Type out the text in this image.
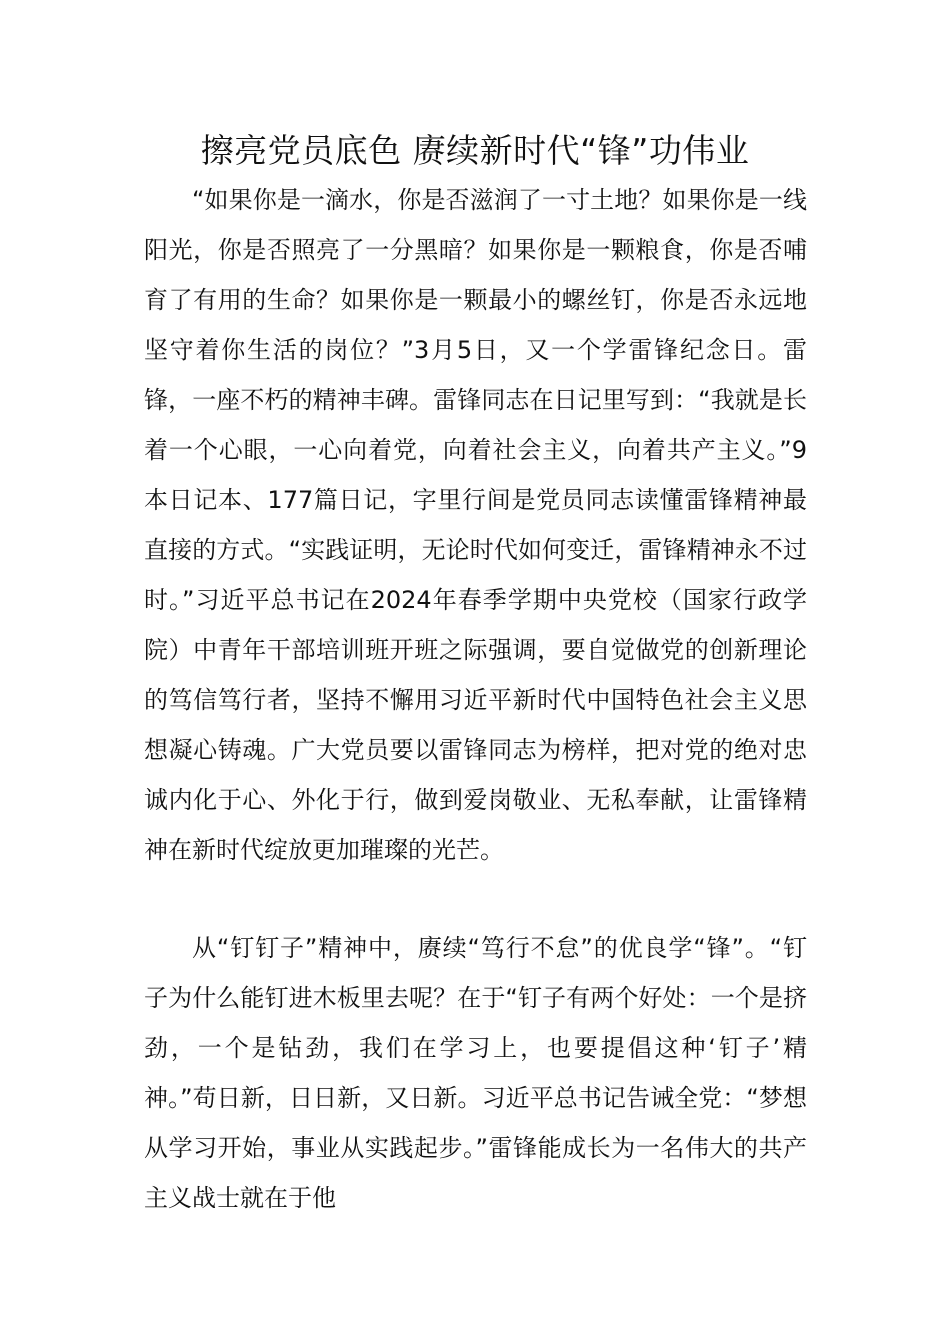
擦亮党员底色 赓续新时代“锋”功伟业

“如果你是一滴水，你是否滋润了一寸土地？如果你是一线阳光，你是否照亮了一分黑暗？如果你是一颗粮食，你是否哺育了有用的生命？如果你是一颗最小的螺丝钉，你是否永远地坚守着你生活的岗位？”3月5日，又一个学雷锋纪念日。雷锋，一座不朽的精神丰碑。雷锋同志在日记里写到：“我就是长着一个心眼，一心向着党，向着社会主义，向着共产主义。”9本日记本、177篇日记，字里行间是党员同志读懂雷锋精神最直接的方式。“实践证明，无论时代如何变迁，雷锋精神永不过时。”习近平总书记在2024年春季学期中央党校（国家行政学院）中青年干部培训班开班之际强调，要自觉做党的创新理论的笃信笃行者，坚持不懈用习近平新时代中国特色社会主义思想凝心铸魂。广大党员要以雷锋同志为榜样，把对党的绝对忠诚内化于心、外化于行，做到爱岗敬业、无私奉献，让雷锋精神在新时代绽放更加璀璨的光芒。

从“钉钉子”精神中，赓续“笃行不怠”的优良学“锋”。“钉子为什么能钉进木板里去呢？在于“钉子有两个好处：一个是挤劲，一个是钻劲，我们在学习上，也要提倡这种‘钉子’精神。”苟日新，日日新，又日新。习近平总书记告诫全党：“梦想从学习开始，事业从实践起步。”雷锋能成长为一名伟大的共产主义战士就在于他
